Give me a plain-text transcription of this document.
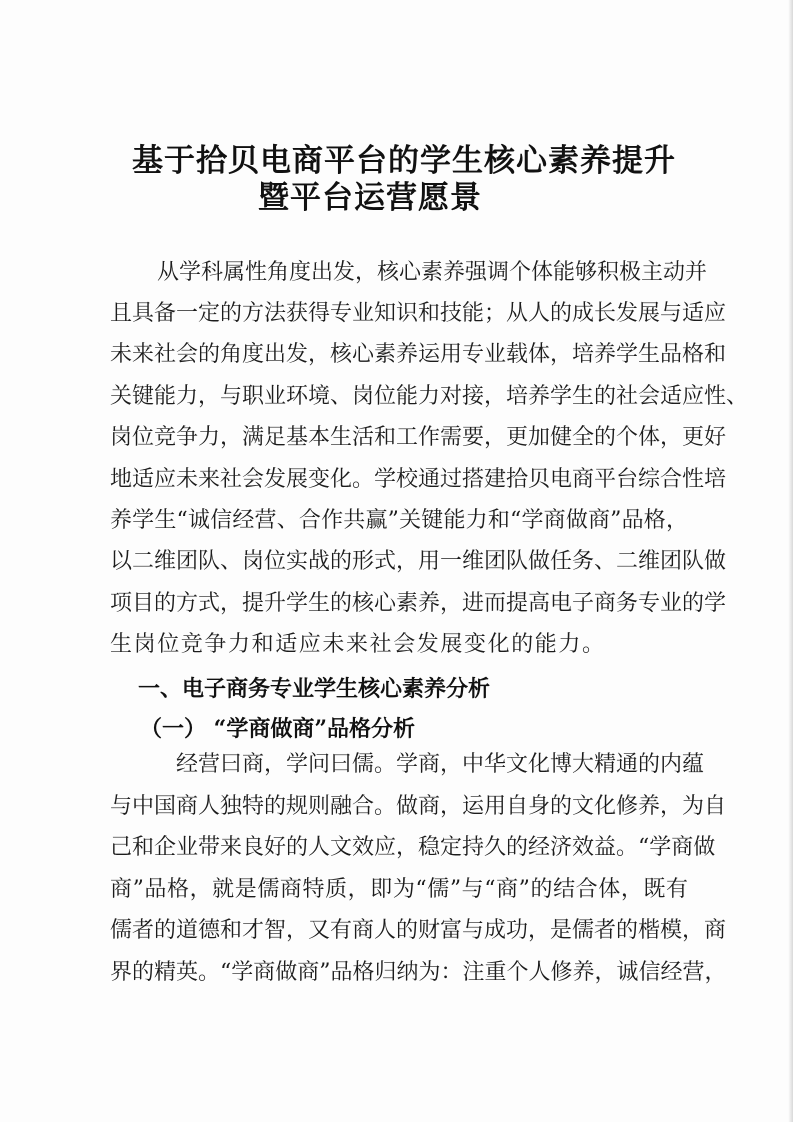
基于拾贝电商平台的学生核心素养提升
暨平台运营愿景
从学科属性角度出发，核心素养强调个体能够积极主动并
且具备一定的方法获得专业知识和技能；从人的成长发展与适应
未来社会的角度出发，核心素养运用专业载体，培养学生品格和
关键能力，与职业环境、岗位能力对接，培养学生的社会适应性、
岗位竞争力，满足基本生活和工作需要，更加健全的个体，更好
地适应未来社会发展变化。学校通过搭建拾贝电商平台综合性培
养学生“诚信经营、合作共赢”关键能力和“学商做商”品格，
以二维团队、岗位实战的形式，用一维团队做任务、二维团队做
项目的方式，提升学生的核心素养，进而提高电子商务专业的学
生岗位竞争力和适应未来社会发展变化的能力。
一、电子商务专业学生核心素养分析
（一） “学商做商”品格分析
经营曰商，学问曰儒。学商，中华文化博大精通的内蕴
与中国商人独特的规则融合。做商，运用自身的文化修养，为自
己和企业带来良好的人文效应，稳定持久的经济效益。“学商做
商”品格，就是儒商特质，即为“儒”与“商”的结合体，既有
儒者的道德和才智，又有商人的财富与成功，是儒者的楷模，商
界的精英。“学商做商”品格归纳为：注重个人修养，诚信经营，
